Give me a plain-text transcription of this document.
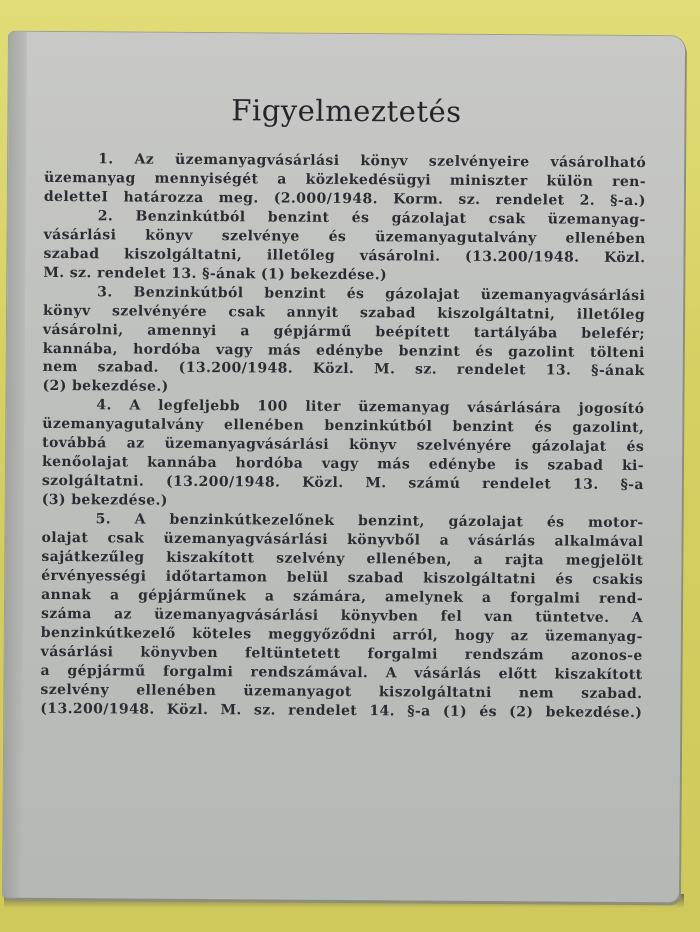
Figyelmeztetés
1. Az üzemanyagvásárlási könyv szelvényeire vásárolható
üzemanyag mennyiségét a közlekedésügyi miniszter külön ren-
deletteI határozza meg. (2.000/1948. Korm. sz. rendelet 2. §-a.)
2. Benzinkútból benzint és gázolajat csak üzemanyag-
vásárlási könyv szelvénye és üzemanyagutalvány ellenében
szabad kiszolgáltatni, illetőleg vásárolni. (13.200/1948. Közl.
M. sz. rendelet 13. §-ának (1) bekezdése.)
3. Benzinkútból benzint és gázolajat üzemanyagvásárlási
könyv szelvényére csak annyit szabad kiszolgáltatni, illetőleg
vásárolni, amennyi a gépjármű beépített tartályába belefér;
kannába, hordóba vagy más edénybe benzint és gazolint tölteni
nem szabad. (13.200/1948. Közl. M. sz. rendelet 13. §-ának
(2) bekezdése.)
4. A legfeljebb 100 liter üzemanyag vásárlására jogosító
üzemanyagutalvány ellenében benzinkútból benzint és gazolint,
továbbá az üzemanyagvásárlási könyv szelvényére gázolajat és
kenőolajat kannába hordóba vagy más edénybe is szabad ki-
szolgáltatni. (13.200/1948. Közl. M. számú rendelet 13. §-a
(3) bekezdése.)
5. A benzinkútkezelőnek benzint, gázolajat és motor-
olajat csak üzemanyagvásárlási könyvből a vásárlás alkalmával
sajátkezűleg kiszakított szelvény ellenében, a rajta megjelölt
érvényességi időtartamon belül szabad kiszolgáltatni és csakis
annak a gépjárműnek a számára, amelynek a forgalmi rend-
száma az üzemanyagvásárlási könyvben fel van tüntetve. A
benzinkútkezelő köteles meggyőződni arról, hogy az üzemanyag-
vásárlási könyvben feltüntetett forgalmi rendszám azonos-e
a gépjármű forgalmi rendszámával. A vásárlás előtt kiszakított
szelvény ellenében üzemanyagot kiszolgáltatni nem szabad.
(13.200/1948. Közl. M. sz. rendelet 14. §-a (1) és (2) bekezdése.)
